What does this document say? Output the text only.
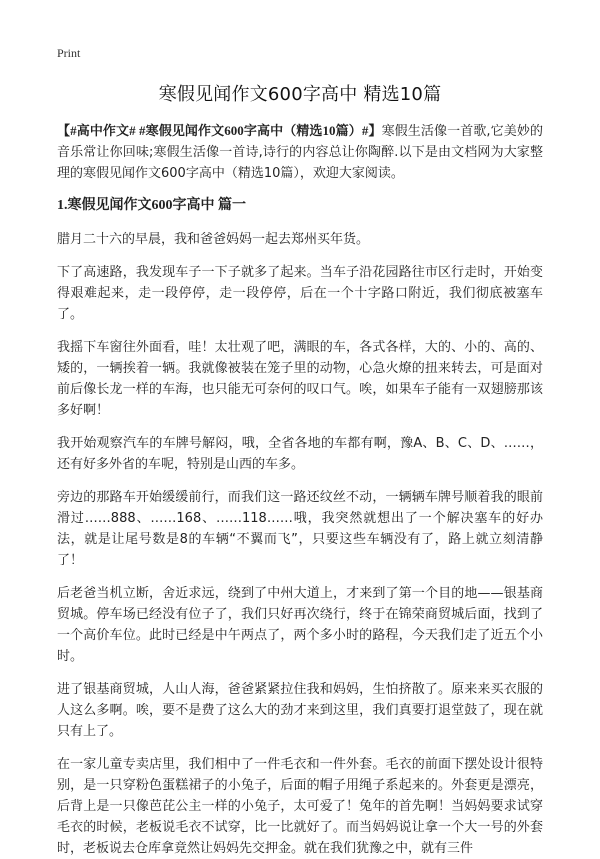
Print
寒假见闻作文600字高中 精选10篇

【#高中作文# #寒假见闻作文600字高中（精选10篇）#】寒假生活像一首歌,它美妙的音乐常让你回味;寒假生活像一首诗,诗行的内容总让你陶醉.以下是由文档网为大家整理的寒假见闻作文600字高中（精选10篇），欢迎大家阅读。

1.寒假见闻作文600字高中 篇一

腊月二十六的早晨，我和爸爸妈妈一起去郑州买年货。

下了高速路，我发现车子一下子就多了起来。当车子沿花园路往市区行走时，开始变得艰难起来，走一段停停，走一段停停，后在一个十字路口附近，我们彻底被塞车了。

我摇下车窗往外面看，哇！太壮观了吧，满眼的车，各式各样，大的、小的、高的、矮的，一辆挨着一辆。我就像被装在笼子里的动物，心急火燎的扭来转去，可是面对前后像长龙一样的车海，也只能无可奈何的叹口气。唉，如果车子能有一双翅膀那该多好啊！

我开始观察汽车的车牌号解闷，哦，全省各地的车都有啊，豫A、B、C、D、……，还有好多外省的车呢，特别是山西的车多。

旁边的那路车开始缓缓前行，而我们这一路还纹丝不动，一辆辆车牌号顺着我的眼前滑过……888、……168、……118……哦，我突然就想出了一个解决塞车的好办法，就是让尾号数是8的车辆“不翼而飞”，只要这些车辆没有了，路上就立刻清静了！

后老爸当机立断，舍近求远，绕到了中州大道上，才来到了第一个目的地——银基商贸城。停车场已经没有位子了，我们只好再次绕行，终于在锦荣商贸城后面，找到了一个高价车位。此时已经是中午两点了，两个多小时的路程，今天我们走了近五个小时。

进了银基商贸城，人山人海，爸爸紧紧拉住我和妈妈，生怕挤散了。原来来买衣服的人这么多啊。唉，要不是费了这么大的劲才来到这里，我们真要打退堂鼓了，现在就只有上了。

在一家儿童专卖店里，我们相中了一件毛衣和一件外套。毛衣的前面下摆处设计很特别，是一只穿粉色蛋糕裙子的小兔子，后面的帽子用绳子系起来的。外套更是漂亮，后背上是一只像芭芘公主一样的小兔子，太可爱了！兔年的首先啊！当妈妈要求试穿毛衣的时候，老板说毛衣不试穿，比一比就好了。而当妈妈说让拿一个大一号的外套时，老板说去仓库拿竟然让妈妈先交押金。就在我们犹豫之中，就有三件
